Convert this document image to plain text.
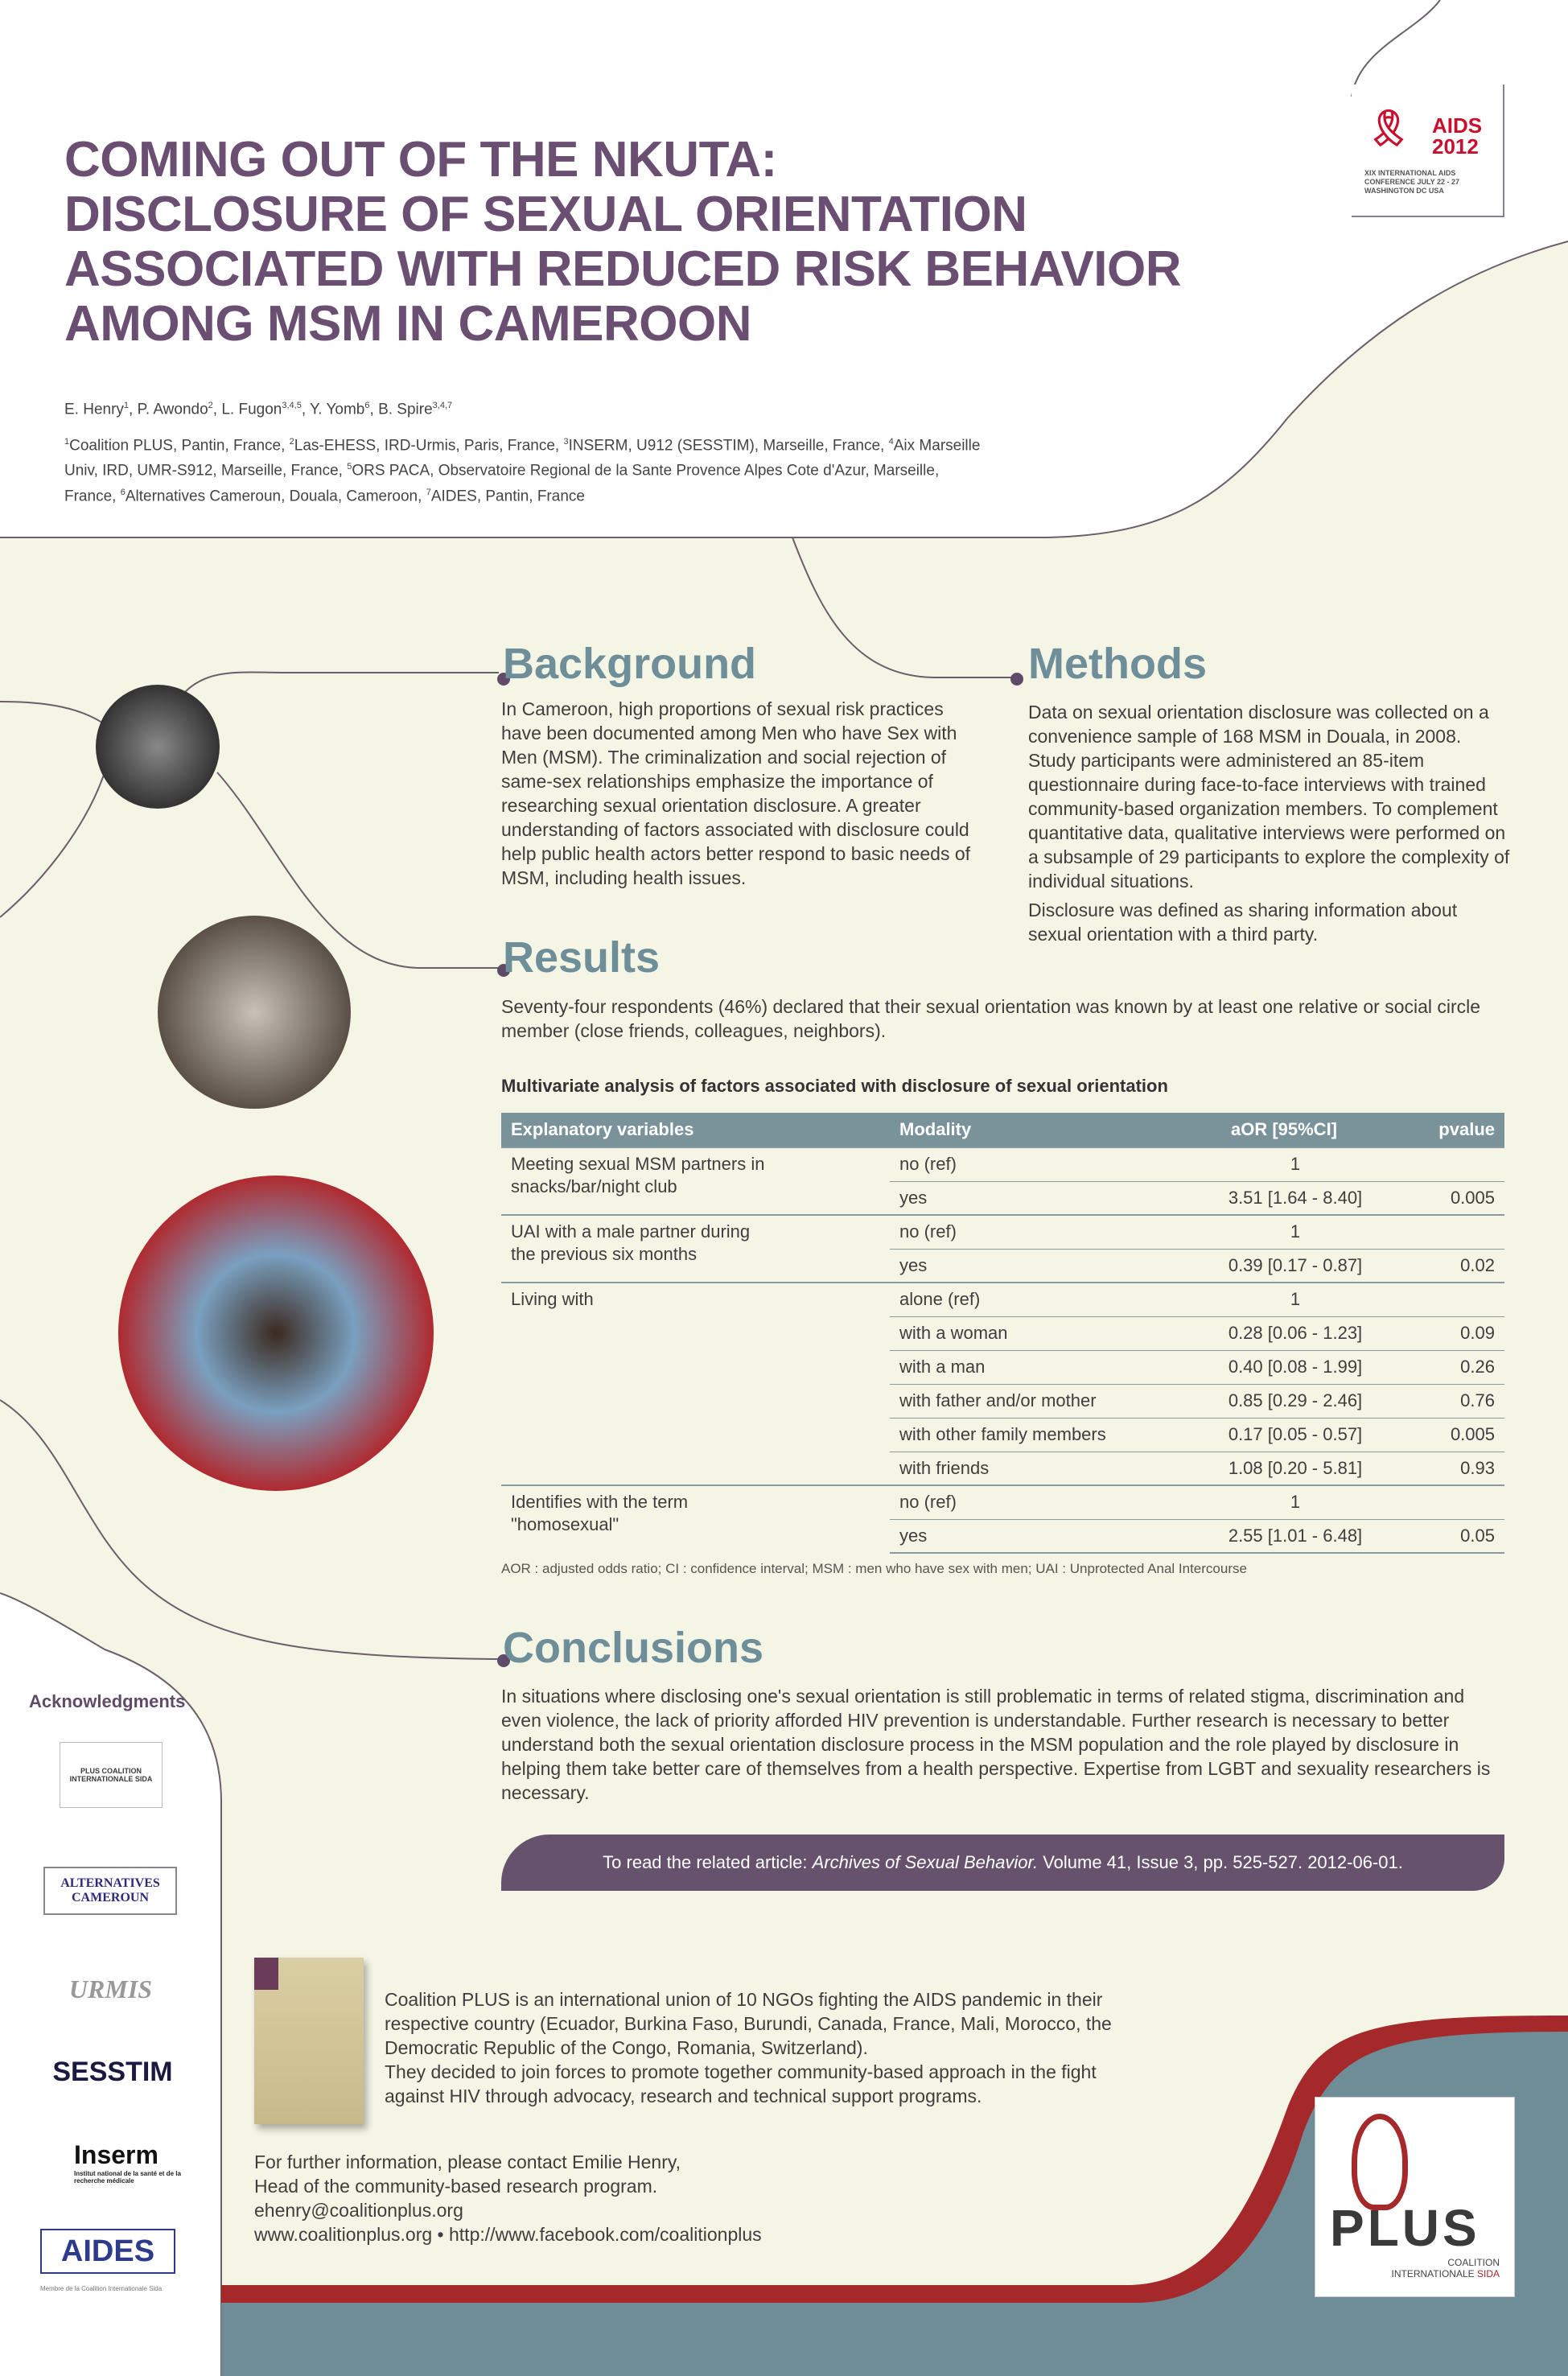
COMING OUT OF THE NKUTA:
DISCLOSURE OF SEXUAL ORIENTATION
ASSOCIATED WITH REDUCED RISK BEHAVIOR
AMONG MSM IN CAMEROON
🎗 AIDS
2012
XIX INTERNATIONAL AIDS CONFERENCE JULY 22 - 27 WASHINGTON DC USA
E. Henry$^1$, P. Awondo$^2$, L. Fugon$^{3,4,5}$, Y. Yomb$^6$, B. Spire$^{3,4,7}$
$^1$Coalition PLUS, Pantin, France, $^2$Las-EHESS, IRD-Urmis, Paris, France, $^3$INSERM, U912 (SESSTIM), Marseille, France, $^4$Aix Marseille Univ, IRD, UMR-S912, Marseille, France, $^5$ORS PACA, Observatoire Regional de la Sante Provence Alpes Cote d'Azur, Marseille, France, $^6$Alternatives Cameroun, Douala, Cameroon, $^7$AIDES, Pantin, France
Background
In Cameroon, high proportions of sexual risk practices have been documented among Men who have Sex with Men (MSM). The criminalization and social rejection of same-sex relationships emphasize the importance of researching sexual orientation disclosure. A greater understanding of factors associated with disclosure could help public health actors better respond to basic needs of MSM, including health issues.
Methods
Data on sexual orientation disclosure was collected on a convenience sample of 168 MSM in Douala, in 2008. Study participants were administered an 85-item questionnaire during face-to-face interviews with trained community-based organization members. To complement quantitative data, qualitative interviews were performed on a subsample of 29 participants to explore the complexity of individual situations.
Disclosure was defined as sharing information about sexual orientation with a third party.
Results
Seventy-four respondents (46%) declared that their sexual orientation was known by at least one relative or social circle member (close friends, colleagues, neighbors).
Multivariate analysis of factors associated with disclosure of sexual orientation
Explanatory variables	Modality	aOR [95%CI]	pvalue
Meeting sexual MSM partners in snacks/bar/night club	no (ref)	1	
	yes	3.51 [1.64 - 8.40]	0.005
UAI with a male partner during the previous six months	no (ref)	1	
	yes	0.39 [0.17 - 0.87]	0.02
Living with	alone (ref)	1	
	with a woman	0.28 [0.06 - 1.23]	0.09
	with a man	0.40 [0.08 - 1.99]	0.26
	with father and/or mother	0.85 [0.29 - 2.46]	0.76
	with other family members	0.17 [0.05 - 0.57]	0.005
	with friends	1.08 [0.20 - 5.81]	0.93
Identifies with the term "homosexual"	no (ref)	1	
	yes	2.55 [1.01 - 6.48]	0.05
AOR : adjusted odds ratio; CI : confidence interval; MSM : men who have sex with men; UAI : Unprotected Anal Intercourse
Conclusions
In situations where disclosing one's sexual orientation is still problematic in terms of related stigma, discrimination and even violence, the lack of priority afforded HIV prevention is understandable. Further research is necessary to better understand both the sexual orientation disclosure process in the MSM population and the role played by disclosure in helping them take better care of themselves from a health perspective. Expertise from LGBT and sexuality researchers is necessary.
To read the related article: Archives of Sexual Behavior. Volume 41, Issue 3, pp. 525-527. 2012-06-01.
Coalition PLUS is an international union of 10 NGOs fighting the AIDS pandemic in their respective country (Ecuador, Burkina Faso, Burundi, Canada, France, Mali, Morocco, the Democratic Republic of the Congo, Romania, Switzerland).
They decided to join forces to promote together community-based approach in the fight against HIV through advocacy, research and technical support programs.
For further information, please contact Emilie Henry,
Head of the community-based research program.
ehenry@coalitionplus.org
www.coalitionplus.org • http://www.facebook.com/coalitionplus	PLUS
COALITION
INTERNATIONALE SIDA
Acknowledgments
PLUS COALITION INTERNATIONALE SIDA
ALTERNATIVES CAMEROUN
URMIS
SESSTIM
Inserm
Institut national de la santé et de la recherche médicale
AIDES
Membre de la Coalition Internationale Sida
